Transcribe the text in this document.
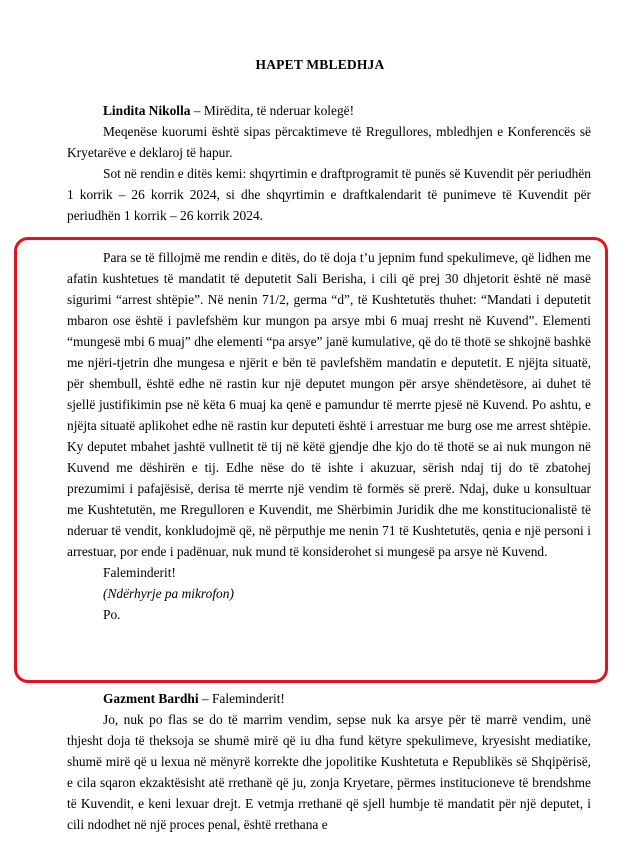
HAPET MBLEDHJA

Lindita Nikolla – Mirëdita, të nderuar kolegë!

Meqenëse kuorumi është sipas përcaktimeve të Rregullores, mbledhjen e Konferencës së Kryetarëve e deklaroj të hapur.

Sot në rendin e ditës kemi: shqyrtimin e draftprogramit të punës së Kuvendit për periudhën 1 korrik – 26 korrik 2024, si dhe shqyrtimin e draftkalendarit të punimeve të Kuvendit për periudhën 1 korrik – 26 korrik 2024.

Para se të fillojmë me rendin e ditës, do të doja t’u jepnim fund spekulimeve, që lidhen me afatin kushtetues të mandatit të deputetit Sali Berisha, i cili që prej 30 dhjetorit është në masë sigurimi “arrest shtëpie”. Në nenin 71/2, germa “d”, të Kushtetutës thuhet: “Mandati i deputetit mbaron ose është i pavlefshëm kur mungon pa arsye mbi 6 muaj rresht në Kuvend”. Elementi “mungesë mbi 6 muaj” dhe elementi “pa arsye” janë kumulative, që do të thotë se shkojnë bashkë me njëri-tjetrin dhe mungesa e njërit e bën të pavlefshëm mandatin e deputetit. E njëjta situatë, për shembull, është edhe në rastin kur një deputet mungon për arsye shëndetësore, ai duhet të sjellë justifikimin pse në këta 6 muaj ka qenë e pamundur të merrte pjesë në Kuvend. Po ashtu, e njëjta situatë aplikohet edhe në rastin kur deputeti është i arrestuar me burg ose me arrest shtëpie. Ky deputet mbahet jashtë vullnetit të tij në këtë gjendje dhe kjo do të thotë se ai nuk mungon në Kuvend me dëshirën e tij. Edhe nëse do të ishte i akuzuar, sërish ndaj tij do të zbatohej prezumimi i pafajësisë, derisa të merrte një vendim të formës së prerë. Ndaj, duke u konsultuar me Kushtetutën, me Rregulloren e Kuvendit, me Shërbimin Juridik dhe me konstitucionalistë të nderuar të vendit, konkludojmë që, në përputhje me nenin 71 të Kushtetutës, qenia e një personi i arrestuar, por ende i padënuar, nuk mund të konsiderohet si mungesë pa arsye në Kuvend.

Faleminderit!

(Ndërhyrje pa mikrofon)

Po.

Gazment Bardhi – Faleminderit!

Jo, nuk po flas se do të marrim vendim, sepse nuk ka arsye për të marrë vendim, unë thjesht doja të theksoja se shumë mirë që iu dha fund këtyre spekulimeve, kryesisht mediatike, shumë mirë që u lexua në mënyrë korrekte dhe jopolitike Kushtetuta e Republikës së Shqipërisë, e cila sqaron ekzaktësisht atë rrethanë që ju, zonja Kryetare, përmes institucioneve të brendshme të Kuvendit, e keni lexuar drejt. E vetmja rrethanë që sjell humbje të mandatit për një deputet, i cili ndodhet në një proces penal, është rrethana e
